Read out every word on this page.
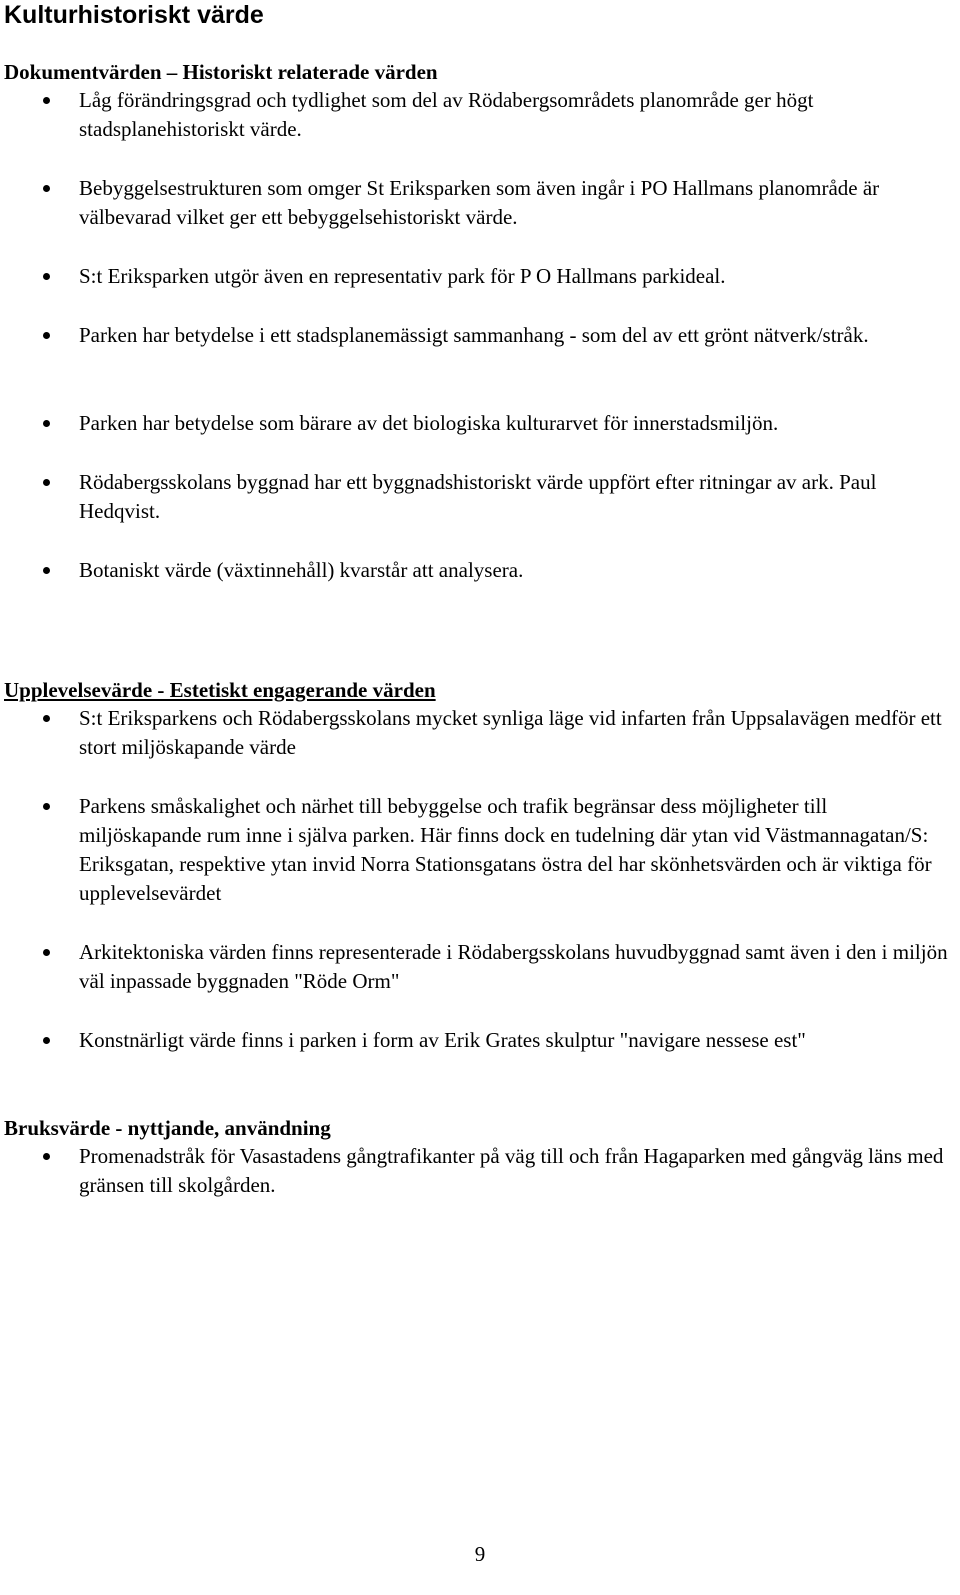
Kulturhistoriskt värde
Dokumentvärden – Historiskt relaterade värden
Låg förändringsgrad och tydlighet som del av Rödabergsområdets planområde ger högt stadsplanehistoriskt värde.
Bebyggelsestrukturen som omger St Eriksparken som även ingår i PO Hallmans planområde är välbevarad vilket ger ett bebyggelsehistoriskt värde.
S:t Eriksparken utgör även en representativ park för P O Hallmans parkideal.
Parken har betydelse i ett stadsplanemässigt sammanhang - som del av ett grönt nätverk/stråk.
Parken har betydelse som bärare av det biologiska kulturarvet för innerstadsmiljön.
Rödabergsskolans byggnad har ett byggnadshistoriskt värde uppfört efter ritningar av ark. Paul Hedqvist.
Botaniskt värde (växtinnehåll) kvarstår att analysera.
Upplevelsevärde - Estetiskt engagerande värden
S:t Eriksparkens och Rödabergsskolans mycket synliga läge vid infarten från Uppsalavägen medför ett stort miljöskapande värde
Parkens småskalighet och närhet till bebyggelse och trafik begränsar dess möjligheter till miljöskapande rum inne i själva parken. Här finns dock en tudelning där ytan vid Västmannagatan/S: Eriksgatan, respektive ytan invid Norra Stationsgatans östra del har skönhetsvärden och är viktiga för upplevelsevärdet
Arkitektoniska värden finns representerade i Rödabergsskolans huvudbyggnad samt även i den i miljön väl inpassade byggnaden "Röde Orm"
Konstnärligt värde finns i parken i form av Erik Grates skulptur "navigare nessese est"
Bruksvärde - nyttjande, användning
Promenadstråk för Vasastadens gångtrafikanter på väg till och från Hagaparken med gångväg läns med gränsen till skolgården.
9
